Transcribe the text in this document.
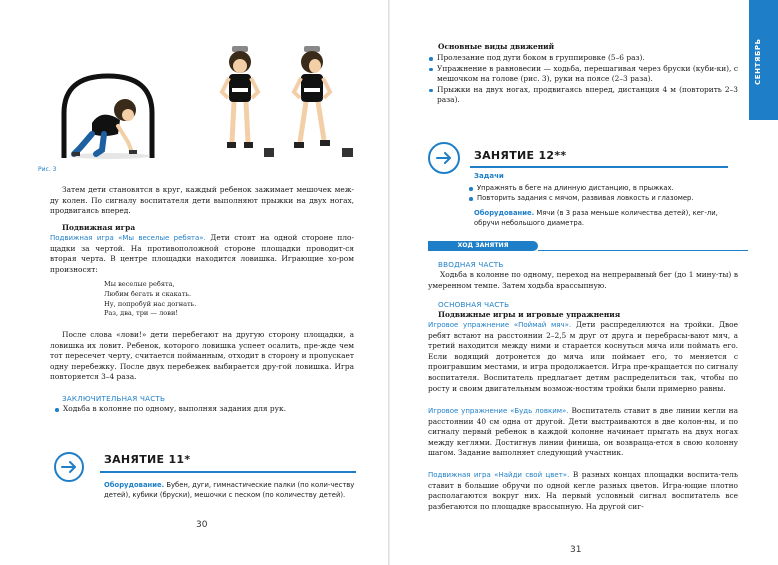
Рис. 3

Затем дети становятся в круг, каждый ребенок зажимает мешочек меж-ду колен. По сигналу воспитателя дети выполняют прыжки на двух ногах, продвигаясь вперед.

Подвижная игра

Подвижная игра «Мы веселые ребята». Дети стоят на одной стороне пло-щадки за чертой. На противоположной стороне площадки проводит-ся вторая черта. В центре площадки находится ловишка. Играющие хо-ром произносят:

Мы веселые ребята,
Любим бегать и скакать.
Ну, попробуй нас догнать.
Раз, два, три — лови!

После слова «лови!» дети перебегают на другую сторону площадки, а ловишка их ловит. Ребенок, которого ловишка успеет осалить, пре-жде чем тот пересечет черту, считается пойманным, отходит в сторону и пропускает одну перебежку. После двух перебежек выбирается дру-гой ловишка. Игра повторяется 3–4 раза.

ЗАКЛЮЧИТЕЛЬНАЯ ЧАСТЬ
Ходьба в колонне по одному, выполняя задания для рук.
ЗАНЯТИЕ 11*

Оборудование. Бубен, дуги, гимнастические палки (по коли-честву детей), кубики (бруски), мешочки с песком (по количеству детей).

30
СЕНТЯБРЬ
Основные виды движений
Пролезание под дуги боком в группировке (5–6 раз).
Упражнение в равновесии — ходьба, перешагивая через бруски (куби-ки), с мешочком на голове (рис. 3), руки на поясе (2–3 раза).
Прыжки на двух ногах, продвигаясь вперед, дистанция 4 м (повторить 2–3 раза).
ЗАНЯТИЕ 12**
Задачи
Упражнять в беге на длинную дистанцию, в прыжках.
Повторить задания с мячом, развивая ловкость и глазомер.

Оборудование. Мячи (в 3 раза меньше количества детей), кег-ли, обручи небольшого диаметра.

ХОД ЗАНЯТИЯ
ВВОДНАЯ ЧАСТЬ

Ходьба в колонне по одному, переход на непрерывный бег (до 1 мину-ты) в умеренном темпе. Затем ходьба врассыпную.

ОСНОВНАЯ ЧАСТЬ
Подвижные игры и игровые упражнения

Игровое упражнение «Поймай мяч». Дети распределяются на тройки. Двое ребят встают на расстоянии 2–2,5 м друг от друга и перебрасы-вают мяч, а третий находится между ними и старается коснуться мяча или поймать его. Если водящий дотронется до мяча или поймает его, то меняется с проигравшим местами, и игра продолжается. Игра пре-кращается по сигналу воспитателя. Воспитатель предлагает детям распределиться так, чтобы по росту и своим двигательным возмож-ностям тройки были примерно равны.

Игровое упражнение «Будь ловким». Воспитатель ставит в две линии кегли на расстоянии 40 см одна от другой. Дети выстраиваются в две колон-ны, и по сигналу первый ребенок в каждой колонне начинает прыгать на двух ногах между кеглями. Достигнув линии финиша, он возвраща-ется в свою колонну шагом. Задание выполняет следующий участник.

Подвижная игра «Найди свой цвет». В разных концах площадки воспита-тель ставит в большие обручи по одной кегле разных цветов. Игра-ющие плотно располагаются вокруг них. На первый условный сигнал воспитатель все разбегаются по площадке врассыпную. На другой сиг-

31
